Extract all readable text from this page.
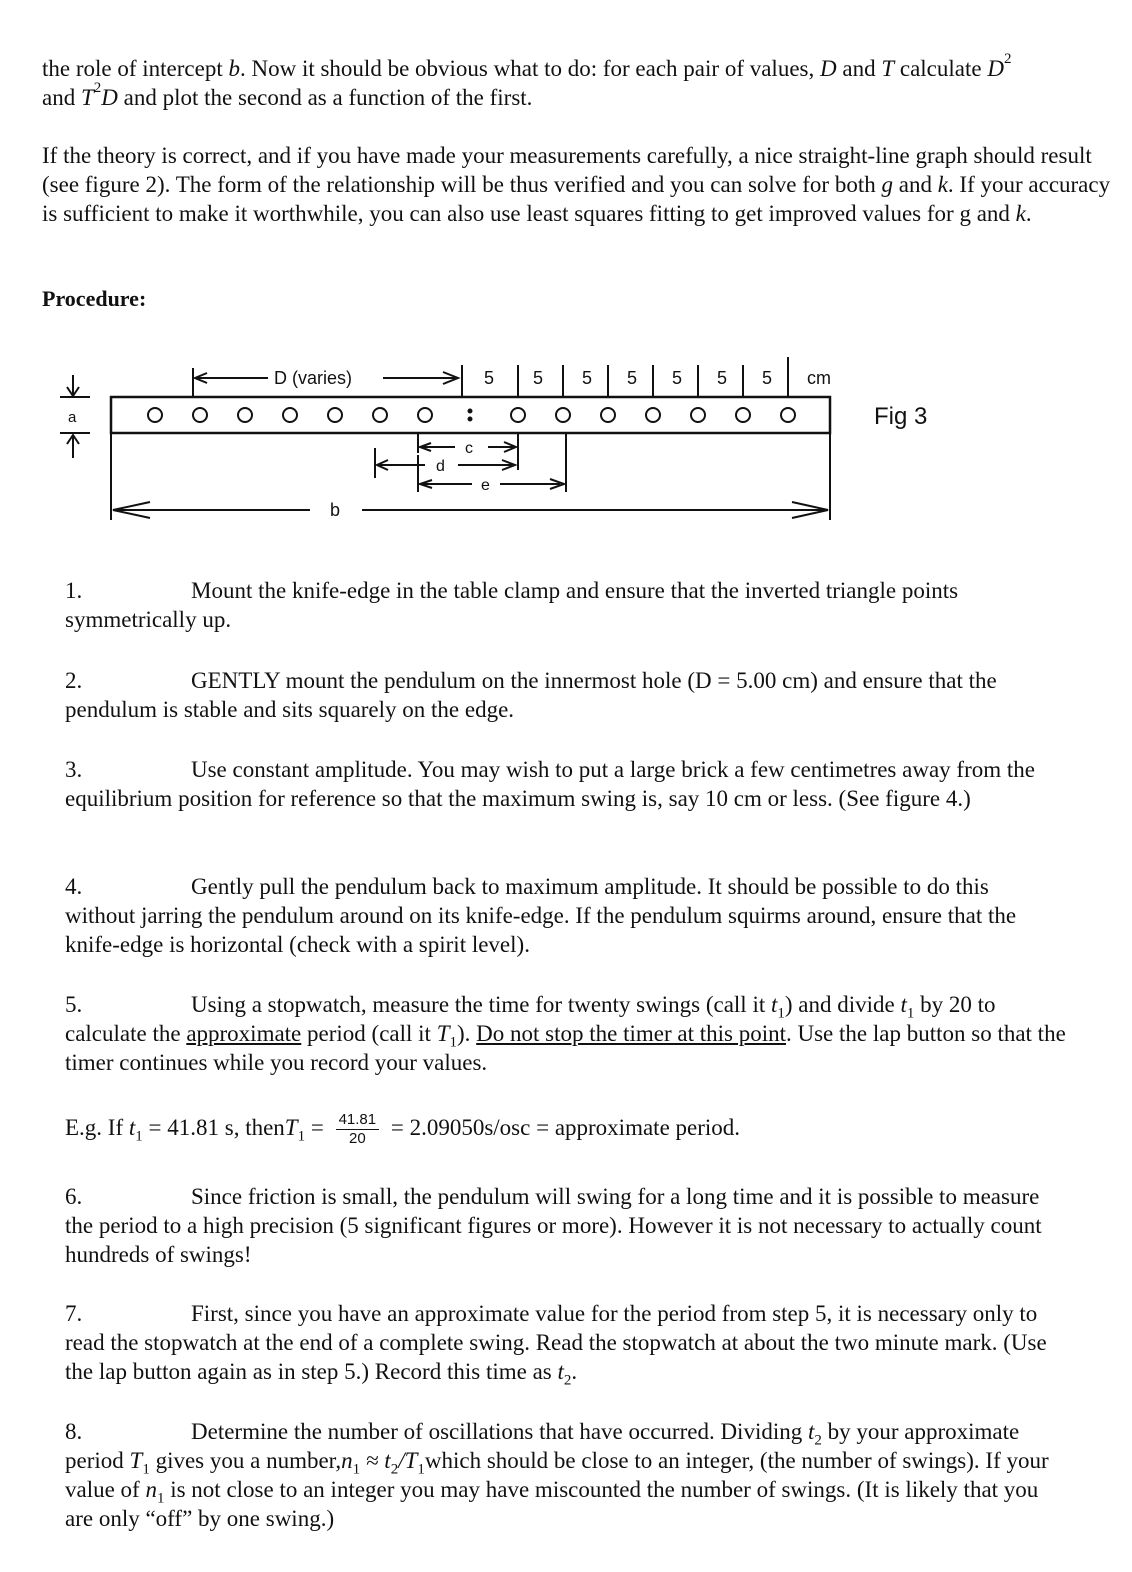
the role of intercept b. Now it should be obvious what to do: for each pair of values, D and T calculate $D^2$
and $T^2D$ and plot the second as a function of the first.

If the theory is correct, and if you have made your measurements carefully, a nice straight-line graph should result (see figure 2). The form of the relationship will be thus verified and you can solve for both g and k. If your accuracy is sufficient to make it worthwhile, you can also use least squares fitting to get improved values for g and k.

Procedure:
a
D (varies)	5 5 5 5 5 5 5 cm
Fig 3
c
d
e
b

1.	Mount the knife-edge in the table clamp and ensure that the inverted triangle points symmetrically up.

2.	GENTLY mount the pendulum on the innermost hole (D = 5.00 cm) and ensure that the pendulum is stable and sits squarely on the edge.

3.	Use constant amplitude. You may wish to put a large brick a few centimetres away from the equilibrium position for reference so that the maximum swing is, say 10 cm or less. (See figure 4.)

4.	Gently pull the pendulum back to maximum amplitude. It should be possible to do this without jarring the pendulum around on its knife-edge. If the pendulum squirms around, ensure that the knife-edge is horizontal (check with a spirit level).

5.	Using a stopwatch, measure the time for twenty swings (call it $t_1$) and divide $t_1$ by 20 to calculate the approximate period (call it $T_1$). Do not stop the timer at this point. Use the lap button so that the timer continues while you record your values.

E.g. If $t_1 = 41.81$ s, thenT$_1$ = $\frac{41.81}{20} = 2.09050s/osc$ = approximate period.

6.	Since friction is small, the pendulum will swing for a long time and it is possible to measure the period to a high precision (5 significant figures or more). However it is not necessary to actually count hundreds of swings!

7.	First, since you have an approximate value for the period from step 5, it is necessary only to read the stopwatch at the end of a complete swing. Read the stopwatch at about the two minute mark. (Use the lap button again as in step 5.) Record this time as $t_2$.

8.	Determine the number of oscillations that have occurred. Dividing $t_2$ by your approximate period $T_1$ gives you a $number,n_1$ ≈ $t_2/T_1which$ should be close to an integer, (the number of swings). If your value of $n_1$ is not close to an integer you may have miscounted the number of swings. (It is likely that you are only “off” by one swing.)
